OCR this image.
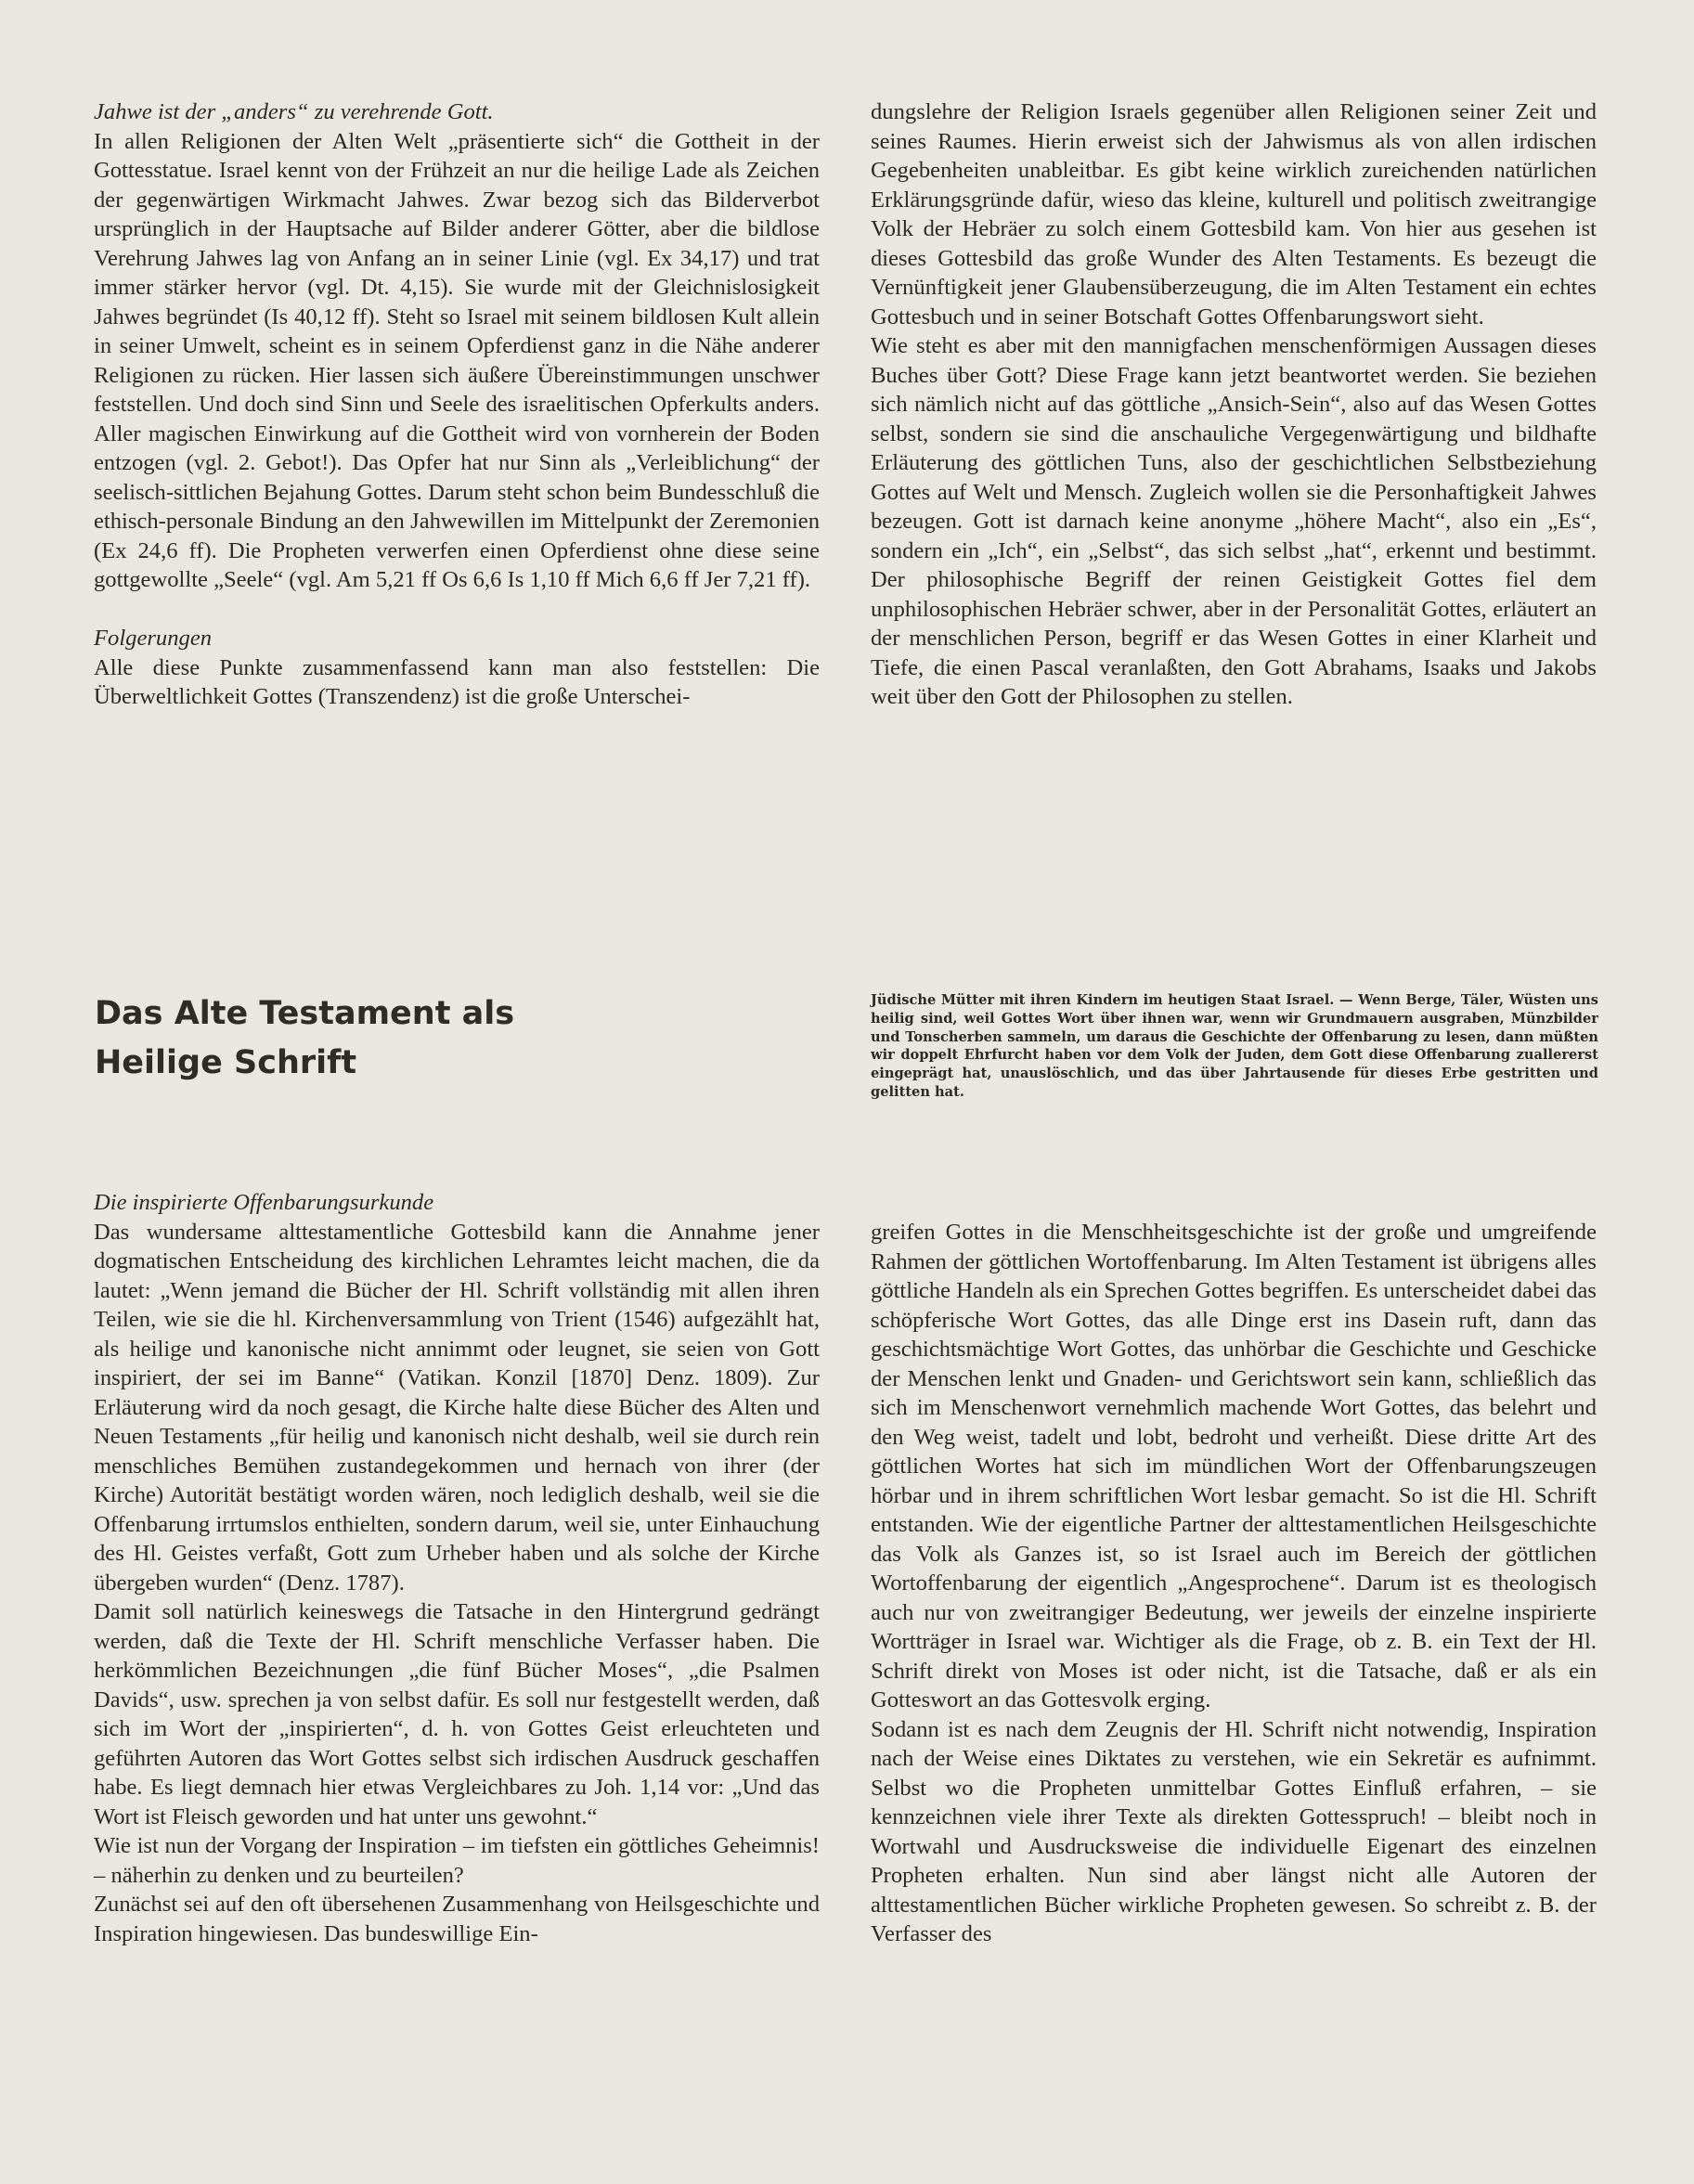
Jahwe ist der „anders“ zu verehrende Gott.

In allen Religionen der Alten Welt „präsentierte sich“ die Gottheit in der Gottesstatue. Israel kennt von der Frühzeit an nur die heilige Lade als Zeichen der gegenwärtigen Wirkmacht Jahwes. Zwar bezog sich das Bilderverbot ursprünglich in der Hauptsache auf Bilder anderer Götter, aber die bildlose Verehrung Jahwes lag von Anfang an in seiner Linie (vgl. Ex 34,17) und trat immer stärker hervor (vgl. Dt. 4,15). Sie wurde mit der Gleichnislosigkeit Jahwes begründet (Is 40,12 ff). Steht so Israel mit seinem bildlosen Kult allein in seiner Umwelt, scheint es in seinem Opferdienst ganz in die Nähe anderer Religionen zu rücken. Hier lassen sich äußere Übereinstimmungen unschwer feststellen. Und doch sind Sinn und Seele des israelitischen Opferkults anders. Aller magischen Einwirkung auf die Gottheit wird von vornherein der Boden entzogen (vgl. 2. Gebot!). Das Opfer hat nur Sinn als „Verleiblichung“ der seelisch-sittlichen Bejahung Gottes. Darum steht schon beim Bundesschluß die ethisch-personale Bindung an den Jahwewillen im Mittelpunkt der Zeremonien (Ex 24,6 ff). Die Propheten verwerfen einen Opferdienst ohne diese seine gottgewollte „Seele“ (vgl. Am 5,21 ff Os 6,6 Is 1,10 ff Mich 6,6 ff Jer 7,21 ff).

Folgerungen

Alle diese Punkte zusammenfassend kann man also feststellen: Die Überweltlichkeit Gottes (Transzendenz) ist die große Unterschei-

dungslehre der Religion Israels gegenüber allen Religionen seiner Zeit und seines Raumes. Hierin erweist sich der Jahwismus als von allen irdischen Gegebenheiten unableitbar. Es gibt keine wirklich zureichenden natürlichen Erklärungsgründe dafür, wieso das kleine, kulturell und politisch zweitrangige Volk der Hebräer zu solch einem Gottesbild kam. Von hier aus gesehen ist dieses Gottesbild das große Wunder des Alten Testaments. Es bezeugt die Vernünftigkeit jener Glaubensüberzeugung, die im Alten Testament ein echtes Gottesbuch und in seiner Botschaft Gottes Offenbarungswort sieht.

Wie steht es aber mit den mannigfachen menschenförmigen Aussagen dieses Buches über Gott? Diese Frage kann jetzt beantwortet werden. Sie beziehen sich nämlich nicht auf das göttliche „Ansich-Sein“, also auf das Wesen Gottes selbst, sondern sie sind die anschauliche Vergegenwärtigung und bildhafte Erläuterung des göttlichen Tuns, also der geschichtlichen Selbstbeziehung Gottes auf Welt und Mensch. Zugleich wollen sie die Personhaftigkeit Jahwes bezeugen. Gott ist darnach keine anonyme „höhere Macht“, also ein „Es“, sondern ein „Ich“, ein „Selbst“, das sich selbst „hat“, erkennt und bestimmt. Der philosophische Begriff der reinen Geistigkeit Gottes fiel dem unphilosophischen Hebräer schwer, aber in der Personalität Gottes, erläutert an der menschlichen Person, begriff er das Wesen Gottes in einer Klarheit und Tiefe, die einen Pascal veranlaßten, den Gott Abrahams, Isaaks und Jakobs weit über den Gott der Philosophen zu stellen.

Das Alte Testament als
Heilige Schrift

Jüdische Mütter mit ihren Kindern im heutigen Staat Israel. — Wenn Berge, Täler, Wüsten uns heilig sind, weil Gottes Wort über ihnen war, wenn wir Grundmauern ausgraben, Münzbilder und Tonscherben sammeln, um daraus die Geschichte der Offenbarung zu lesen, dann müßten wir doppelt Ehrfurcht haben vor dem Volk der Juden, dem Gott diese Offenbarung zuallererst eingeprägt hat, unauslöschlich, und das über Jahrtausende für dieses Erbe gestritten und gelitten hat.

Die inspirierte Offenbarungsurkunde

Das wundersame alttestamentliche Gottesbild kann die Annahme jener dogmatischen Entscheidung des kirchlichen Lehramtes leicht machen, die da lautet: „Wenn jemand die Bücher der Hl. Schrift vollständig mit allen ihren Teilen, wie sie die hl. Kirchenversammlung von Trient (1546) aufgezählt hat, als heilige und kanonische nicht annimmt oder leugnet, sie seien von Gott inspiriert, der sei im Banne“ (Vatikan. Konzil [1870] Denz. 1809). Zur Erläuterung wird da noch gesagt, die Kirche halte diese Bücher des Alten und Neuen Testaments „für heilig und kanonisch nicht deshalb, weil sie durch rein menschliches Bemühen zustandegekommen und hernach von ihrer (der Kirche) Autorität bestätigt worden wären, noch lediglich deshalb, weil sie die Offenbarung irrtumslos enthielten, sondern darum, weil sie, unter Einhauchung des Hl. Geistes verfaßt, Gott zum Urheber haben und als solche der Kirche übergeben wurden“ (Denz. 1787).

Damit soll natürlich keineswegs die Tatsache in den Hintergrund gedrängt werden, daß die Texte der Hl. Schrift menschliche Verfasser haben. Die herkömmlichen Bezeichnungen „die fünf Bücher Moses“, „die Psalmen Davids“, usw. sprechen ja von selbst dafür. Es soll nur festgestellt werden, daß sich im Wort der „inspirierten“, d. h. von Gottes Geist erleuchteten und geführten Autoren das Wort Gottes selbst sich irdischen Ausdruck geschaffen habe. Es liegt demnach hier etwas Vergleichbares zu Joh. 1,14 vor: „Und das Wort ist Fleisch geworden und hat unter uns gewohnt.“

Wie ist nun der Vorgang der Inspiration – im tiefsten ein göttliches Geheimnis! – näherhin zu denken und zu beurteilen?

Zunächst sei auf den oft übersehenen Zusammenhang von Heilsgeschichte und Inspiration hingewiesen. Das bundeswillige Ein-

greifen Gottes in die Menschheitsgeschichte ist der große und umgreifende Rahmen der göttlichen Wortoffenbarung. Im Alten Testament ist übrigens alles göttliche Handeln als ein Sprechen Gottes begriffen. Es unterscheidet dabei das schöpferische Wort Gottes, das alle Dinge erst ins Dasein ruft, dann das geschichtsmächtige Wort Gottes, das unhörbar die Geschichte und Geschicke der Menschen lenkt und Gnaden- und Gerichtswort sein kann, schließlich das sich im Menschenwort vernehmlich machende Wort Gottes, das belehrt und den Weg weist, tadelt und lobt, bedroht und verheißt. Diese dritte Art des göttlichen Wortes hat sich im mündlichen Wort der Offenbarungszeugen hörbar und in ihrem schriftlichen Wort lesbar gemacht. So ist die Hl. Schrift entstanden. Wie der eigentliche Partner der alttestamentlichen Heilsgeschichte das Volk als Ganzes ist, so ist Israel auch im Bereich der göttlichen Wortoffenbarung der eigentlich „Angesprochene“. Darum ist es theologisch auch nur von zweitrangiger Bedeutung, wer jeweils der einzelne inspirierte Wortträger in Israel war. Wichtiger als die Frage, ob z. B. ein Text der Hl. Schrift direkt von Moses ist oder nicht, ist die Tatsache, daß er als ein Gotteswort an das Gottesvolk erging.

Sodann ist es nach dem Zeugnis der Hl. Schrift nicht notwendig, Inspiration nach der Weise eines Diktates zu verstehen, wie ein Sekretär es aufnimmt. Selbst wo die Propheten unmittelbar Gottes Einfluß erfahren, – sie kennzeichnen viele ihrer Texte als direkten Gottesspruch! – bleibt noch in Wortwahl und Ausdrucksweise die individuelle Eigenart des einzelnen Propheten erhalten. Nun sind aber längst nicht alle Autoren der alttestamentlichen Bücher wirkliche Propheten gewesen. So schreibt z. B. der Verfasser des
